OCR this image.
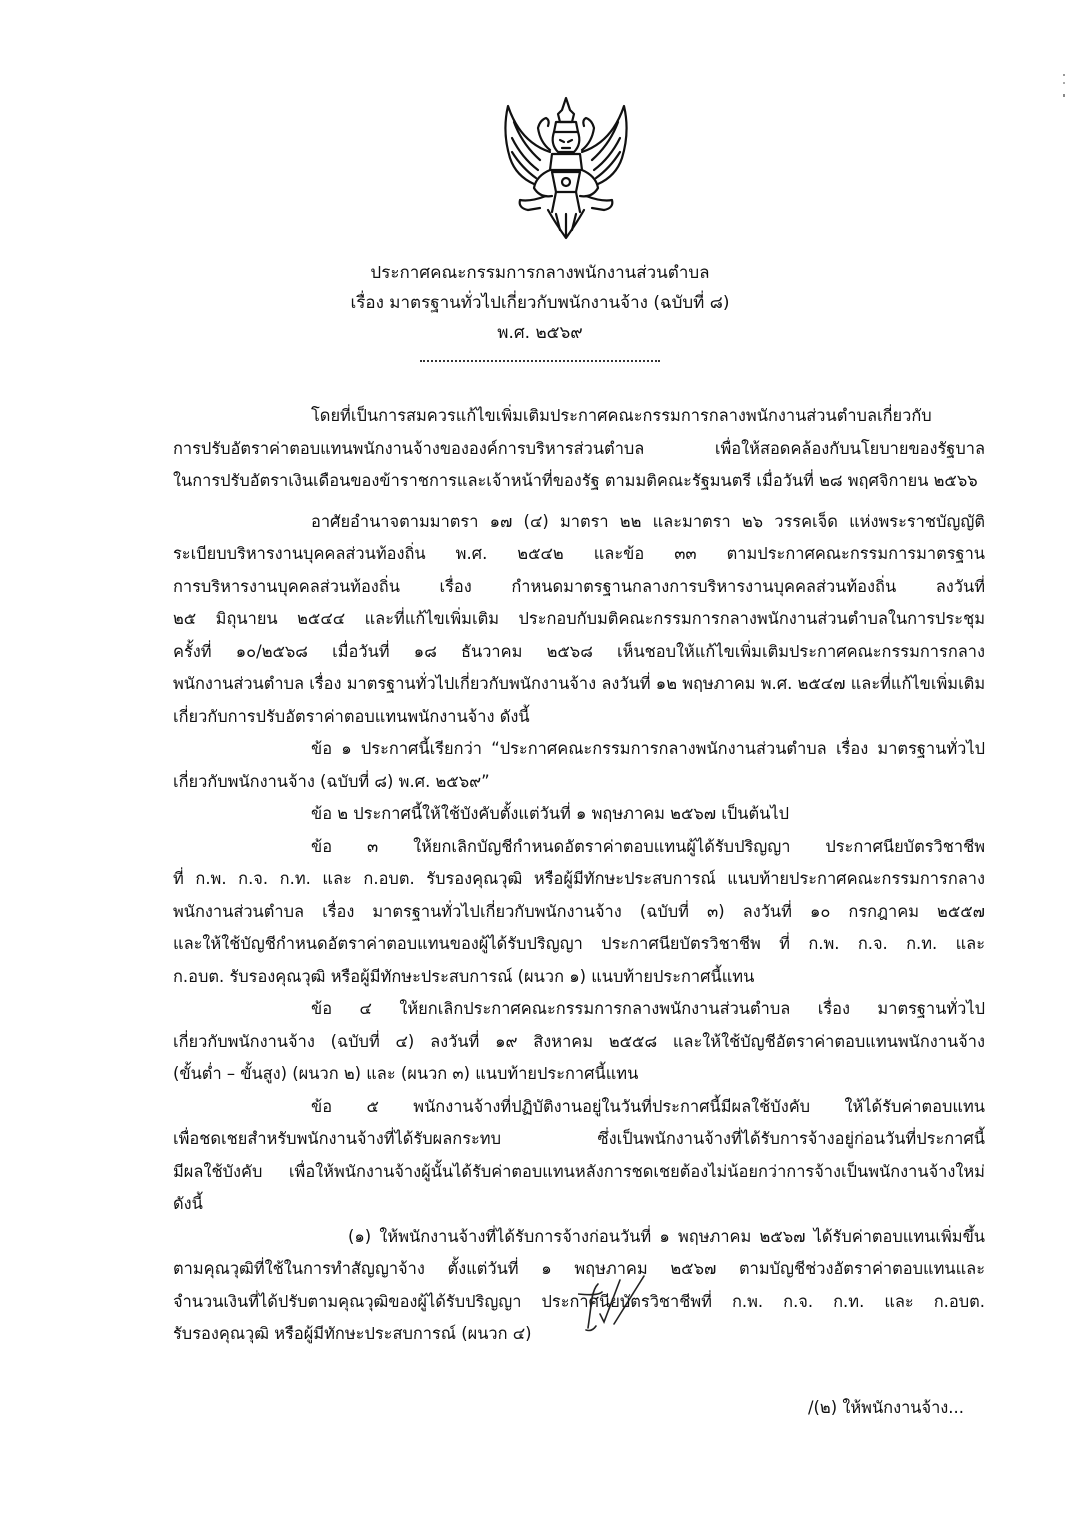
ประกาศคณะกรรมการกลางพนักงานส่วนตำบล
เรื่อง มาตรฐานทั่วไปเกี่ยวกับพนักงานจ้าง (ฉบับที่ ๘)
พ.ศ. ๒๕๖๙
โดยที่เป็นการสมควรแก้ไขเพิ่มเติมประกาศคณะกรรมการกลางพนักงานส่วนตำบลเกี่ยวกับ
การปรับอัตราค่าตอบแทนพนักงานจ้างขององค์การบริหารส่วนตำบล เพื่อให้สอดคล้องกับนโยบายของรัฐบาล
ในการปรับอัตราเงินเดือนของข้าราชการและเจ้าหน้าที่ของรัฐ ตามมติคณะรัฐมนตรี เมื่อวันที่ ๒๘ พฤศจิกายน ๒๕๖๖
อาศัยอำนาจตามมาตรา ๑๗ (๔) มาตรา ๒๒ และมาตรา ๒๖ วรรคเจ็ด แห่งพระราชบัญญัติ
ระเบียบบริหารงานบุคคลส่วนท้องถิ่น พ.ศ. ๒๕๔๒ และข้อ ๓๓ ตามประกาศคณะกรรมการมาตรฐาน
การบริหารงานบุคคลส่วนท้องถิ่น เรื่อง กำหนดมาตรฐานกลางการบริหารงานบุคคลส่วนท้องถิ่น ลงวันที่
๒๕ มิถุนายน ๒๕๔๔ และที่แก้ไขเพิ่มเติม ประกอบกับมติคณะกรรมการกลางพนักงานส่วนตำบลในการประชุม
ครั้งที่ ๑๐/๒๕๖๘ เมื่อวันที่ ๑๘ ธันวาคม ๒๕๖๘ เห็นชอบให้แก้ไขเพิ่มเติมประกาศคณะกรรมการกลาง
พนักงานส่วนตำบล เรื่อง มาตรฐานทั่วไปเกี่ยวกับพนักงานจ้าง ลงวันที่ ๑๒ พฤษภาคม พ.ศ. ๒๕๔๗ และที่แก้ไขเพิ่มเติม
เกี่ยวกับการปรับอัตราค่าตอบแทนพนักงานจ้าง ดังนี้
ข้อ ๑ ประกาศนี้เรียกว่า “ประกาศคณะกรรมการกลางพนักงานส่วนตำบล เรื่อง มาตรฐานทั่วไป
เกี่ยวกับพนักงานจ้าง (ฉบับที่ ๘) พ.ศ. ๒๕๖๙”
ข้อ ๒ ประกาศนี้ให้ใช้บังคับตั้งแต่วันที่ ๑ พฤษภาคม ๒๕๖๗ เป็นต้นไป
ข้อ ๓ ให้ยกเลิกบัญชีกำหนดอัตราค่าตอบแทนผู้ได้รับปริญญา ประกาศนียบัตรวิชาชีพ
ที่ ก.พ. ก.จ. ก.ท. และ ก.อบต. รับรองคุณวุฒิ หรือผู้มีทักษะประสบการณ์ แนบท้ายประกาศคณะกรรมการกลาง
พนักงานส่วนตำบล เรื่อง มาตรฐานทั่วไปเกี่ยวกับพนักงานจ้าง (ฉบับที่ ๓) ลงวันที่ ๑๐ กรกฎาคม ๒๕๕๗
และให้ใช้บัญชีกำหนดอัตราค่าตอบแทนของผู้ได้รับปริญญา ประกาศนียบัตรวิชาชีพ ที่ ก.พ. ก.จ. ก.ท. และ
ก.อบต. รับรองคุณวุฒิ หรือผู้มีทักษะประสบการณ์ (ผนวก ๑) แนบท้ายประกาศนี้แทน
ข้อ ๔ ให้ยกเลิกประกาศคณะกรรมการกลางพนักงานส่วนตำบล เรื่อง มาตรฐานทั่วไป
เกี่ยวกับพนักงานจ้าง (ฉบับที่ ๔) ลงวันที่ ๑๙ สิงหาคม ๒๕๕๘ และให้ใช้บัญชีอัตราค่าตอบแทนพนักงานจ้าง
(ขั้นต่ำ – ขั้นสูง) (ผนวก ๒) และ (ผนวก ๓) แนบท้ายประกาศนี้แทน
ข้อ ๕ พนักงานจ้างที่ปฏิบัติงานอยู่ในวันที่ประกาศนี้มีผลใช้บังคับ ให้ได้รับค่าตอบแทน
เพื่อชดเชยสำหรับพนักงานจ้างที่ได้รับผลกระทบ ซึ่งเป็นพนักงานจ้างที่ได้รับการจ้างอยู่ก่อนวันที่ประกาศนี้
มีผลใช้บังคับ เพื่อให้พนักงานจ้างผู้นั้นได้รับค่าตอบแทนหลังการชดเชยต้องไม่น้อยกว่าการจ้างเป็นพนักงานจ้างใหม่
ดังนี้
(๑) ให้พนักงานจ้างที่ได้รับการจ้างก่อนวันที่ ๑ พฤษภาคม ๒๕๖๗ ได้รับค่าตอบแทนเพิ่มขึ้น
ตามคุณวุฒิที่ใช้ในการทำสัญญาจ้าง ตั้งแต่วันที่ ๑ พฤษภาคม ๒๕๖๗ ตามบัญชีช่วงอัตราค่าตอบแทนและ
จำนวนเงินที่ได้ปรับตามคุณวุฒิของผู้ได้รับปริญญา ประกาศนียบัตรวิชาชีพที่ ก.พ. ก.จ. ก.ท. และ ก.อบต.
รับรองคุณวุฒิ หรือผู้มีทักษะประสบการณ์ (ผนวก ๔)
/(๒) ให้พนักงานจ้าง...
